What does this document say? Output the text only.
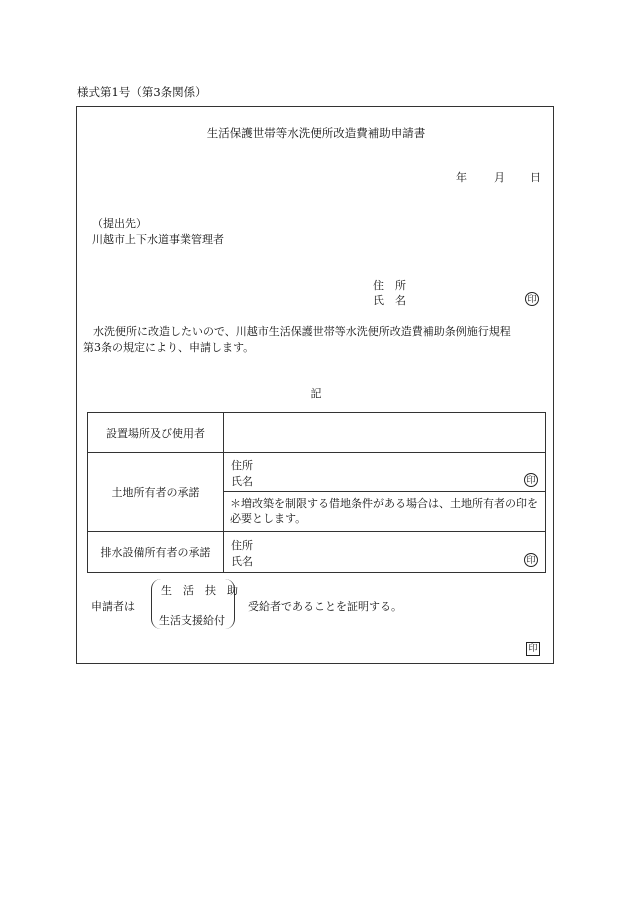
様式第1号（第3条関係）
生活保護世帯等水洗便所改造費補助申請書
年 月 日
（提出先）
川越市上下水道事業管理者
住　所
氏　名	印
水洗便所に改造したいので、川越市生活保護世帯等水洗便所改造費補助条例施行規程
第3条の規定により、申請します。
記
設置場所及び使用者	
土地所有者の承諾	住所
氏名 印

	＊増改築を制限する借地条件がある場合は、土地所有者の印を必要とします。

排水設備所有者の承諾	住所
氏名 印
申請者は
生　活　扶　助
生活支援給付
受給者であることを証明する。
印
